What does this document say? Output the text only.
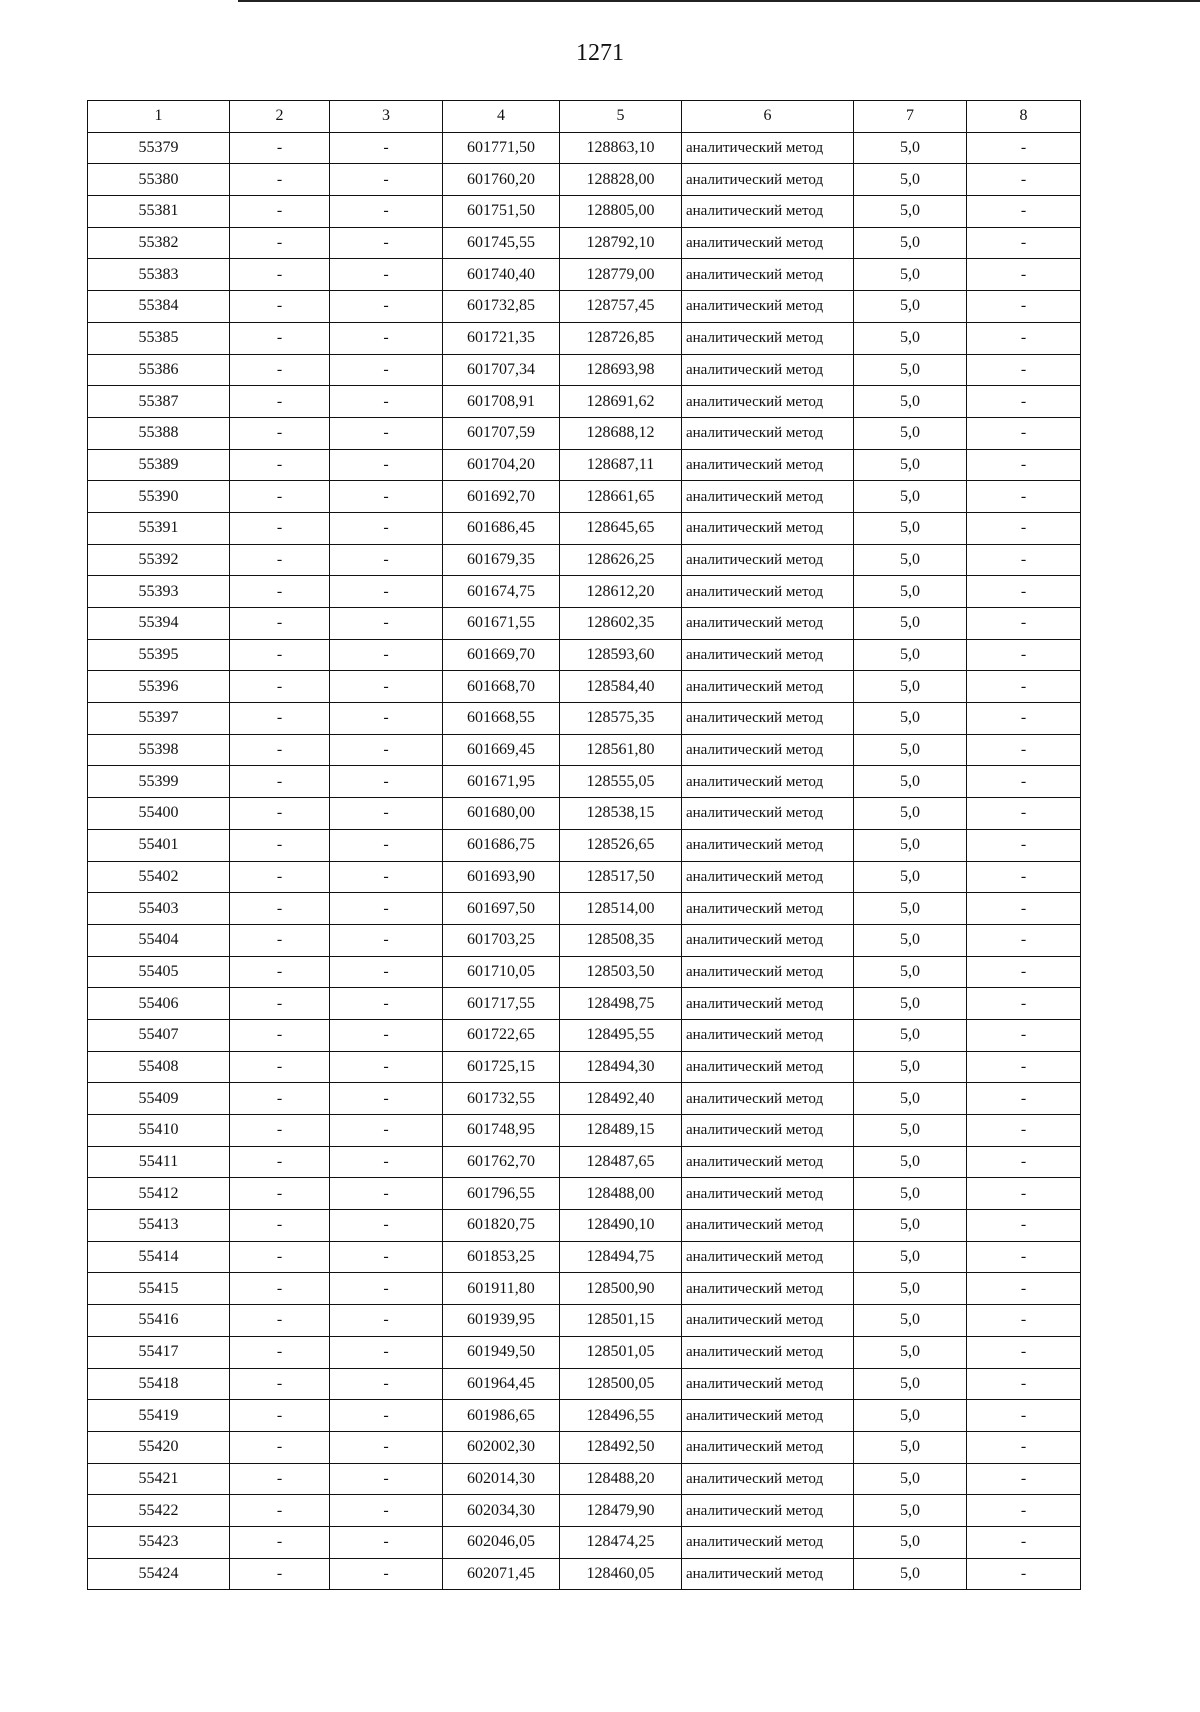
1271
1	2	3	4	5	6	7	8
55379	-	-	601771,50	128863,10	аналитический метод	5,0	-
55380	-	-	601760,20	128828,00	аналитический метод	5,0	-
55381	-	-	601751,50	128805,00	аналитический метод	5,0	-
55382	-	-	601745,55	128792,10	аналитический метод	5,0	-
55383	-	-	601740,40	128779,00	аналитический метод	5,0	-
55384	-	-	601732,85	128757,45	аналитический метод	5,0	-
55385	-	-	601721,35	128726,85	аналитический метод	5,0	-
55386	-	-	601707,34	128693,98	аналитический метод	5,0	-
55387	-	-	601708,91	128691,62	аналитический метод	5,0	-
55388	-	-	601707,59	128688,12	аналитический метод	5,0	-
55389	-	-	601704,20	128687,11	аналитический метод	5,0	-
55390	-	-	601692,70	128661,65	аналитический метод	5,0	-
55391	-	-	601686,45	128645,65	аналитический метод	5,0	-
55392	-	-	601679,35	128626,25	аналитический метод	5,0	-
55393	-	-	601674,75	128612,20	аналитический метод	5,0	-
55394	-	-	601671,55	128602,35	аналитический метод	5,0	-
55395	-	-	601669,70	128593,60	аналитический метод	5,0	-
55396	-	-	601668,70	128584,40	аналитический метод	5,0	-
55397	-	-	601668,55	128575,35	аналитический метод	5,0	-
55398	-	-	601669,45	128561,80	аналитический метод	5,0	-
55399	-	-	601671,95	128555,05	аналитический метод	5,0	-
55400	-	-	601680,00	128538,15	аналитический метод	5,0	-
55401	-	-	601686,75	128526,65	аналитический метод	5,0	-
55402	-	-	601693,90	128517,50	аналитический метод	5,0	-
55403	-	-	601697,50	128514,00	аналитический метод	5,0	-
55404	-	-	601703,25	128508,35	аналитический метод	5,0	-
55405	-	-	601710,05	128503,50	аналитический метод	5,0	-
55406	-	-	601717,55	128498,75	аналитический метод	5,0	-
55407	-	-	601722,65	128495,55	аналитический метод	5,0	-
55408	-	-	601725,15	128494,30	аналитический метод	5,0	-
55409	-	-	601732,55	128492,40	аналитический метод	5,0	-
55410	-	-	601748,95	128489,15	аналитический метод	5,0	-
55411	-	-	601762,70	128487,65	аналитический метод	5,0	-
55412	-	-	601796,55	128488,00	аналитический метод	5,0	-
55413	-	-	601820,75	128490,10	аналитический метод	5,0	-
55414	-	-	601853,25	128494,75	аналитический метод	5,0	-
55415	-	-	601911,80	128500,90	аналитический метод	5,0	-
55416	-	-	601939,95	128501,15	аналитический метод	5,0	-
55417	-	-	601949,50	128501,05	аналитический метод	5,0	-
55418	-	-	601964,45	128500,05	аналитический метод	5,0	-
55419	-	-	601986,65	128496,55	аналитический метод	5,0	-
55420	-	-	602002,30	128492,50	аналитический метод	5,0	-
55421	-	-	602014,30	128488,20	аналитический метод	5,0	-
55422	-	-	602034,30	128479,90	аналитический метод	5,0	-
55423	-	-	602046,05	128474,25	аналитический метод	5,0	-
55424	-	-	602071,45	128460,05	аналитический метод	5,0	-
